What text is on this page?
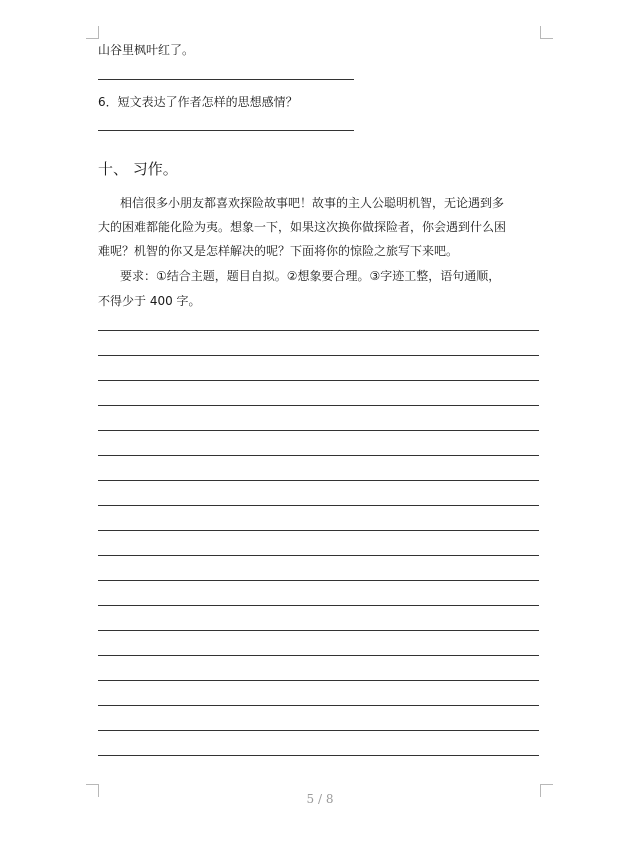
山谷里枫叶红了。
6．短文表达了作者怎样的思想感情？
十、 习作。
相信很多小朋友都喜欢探险故事吧！故事的主人公聪明机智，无论遇到多
大的困难都能化险为夷。想象一下，如果这次换你做探险者，你会遇到什么困
难呢？机智的你又是怎样解决的呢？下面将你的惊险之旅写下来吧。
要求：①结合主题，题目自拟。②想象要合理。③字迹工整，语句通顺，
不得少于 400 字。
5 / 8
